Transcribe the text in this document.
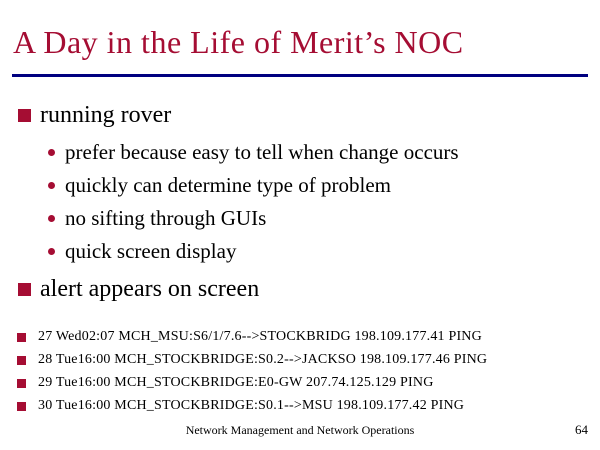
A Day in the Life of Merit’s NOC
running rover
prefer because easy to tell when change occurs
quickly can determine type of problem
no sifting through GUIs
quick screen display
alert appears on screen
27 Wed02:07 MCH_MSU:S6/1/7.6-->STOCKBRIDG 198.109.177.41 PING
28 Tue16:00 MCH_STOCKBRIDGE:S0.2-->JACKSO 198.109.177.46 PING
29 Tue16:00 MCH_STOCKBRIDGE:E0-GW 207.74.125.129 PING
30 Tue16:00 MCH_STOCKBRIDGE:S0.1-->MSU 198.109.177.42 PING
Network Management and Network Operations	64
